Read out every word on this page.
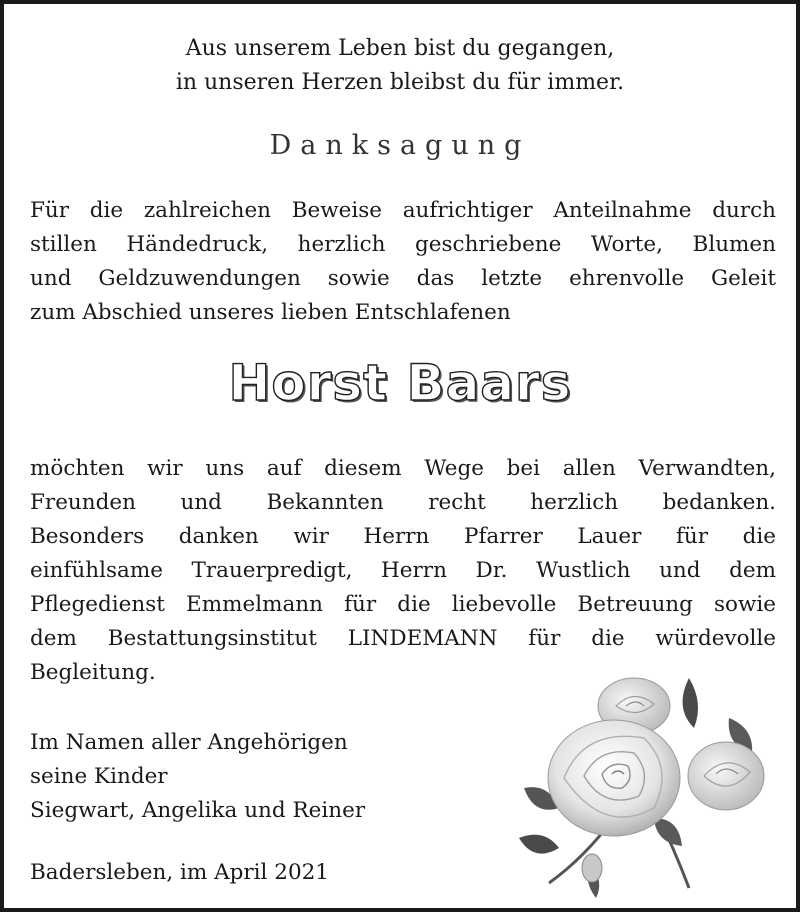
Aus unserem Leben bist du gegangen,
in unseren Herzen bleibst du für immer.
Danksagung
Für die zahlreichen Beweise aufrichtiger Anteilnahme durch
stillen Händedruck, herzlich geschriebene Worte, Blumen
und Geldzuwendungen sowie das letzte ehrenvolle Geleit
zum Abschied unseres lieben Entschlafenen
Horst Baars
möchten wir uns auf diesem Wege bei allen Verwandten,
Freunden und Bekannten recht herzlich bedanken.
Besonders danken wir Herrn Pfarrer Lauer für die
einfühlsame Trauerpredigt, Herrn Dr. Wustlich und dem
Pflegedienst Emmelmann für die liebevolle Betreuung sowie
dem Bestattungsinstitut LINDEMANN für die würdevolle
Begleitung.
Im Namen aller Angehörigen
seine Kinder
Siegwart, Angelika und Reiner
Badersleben, im April 2021
